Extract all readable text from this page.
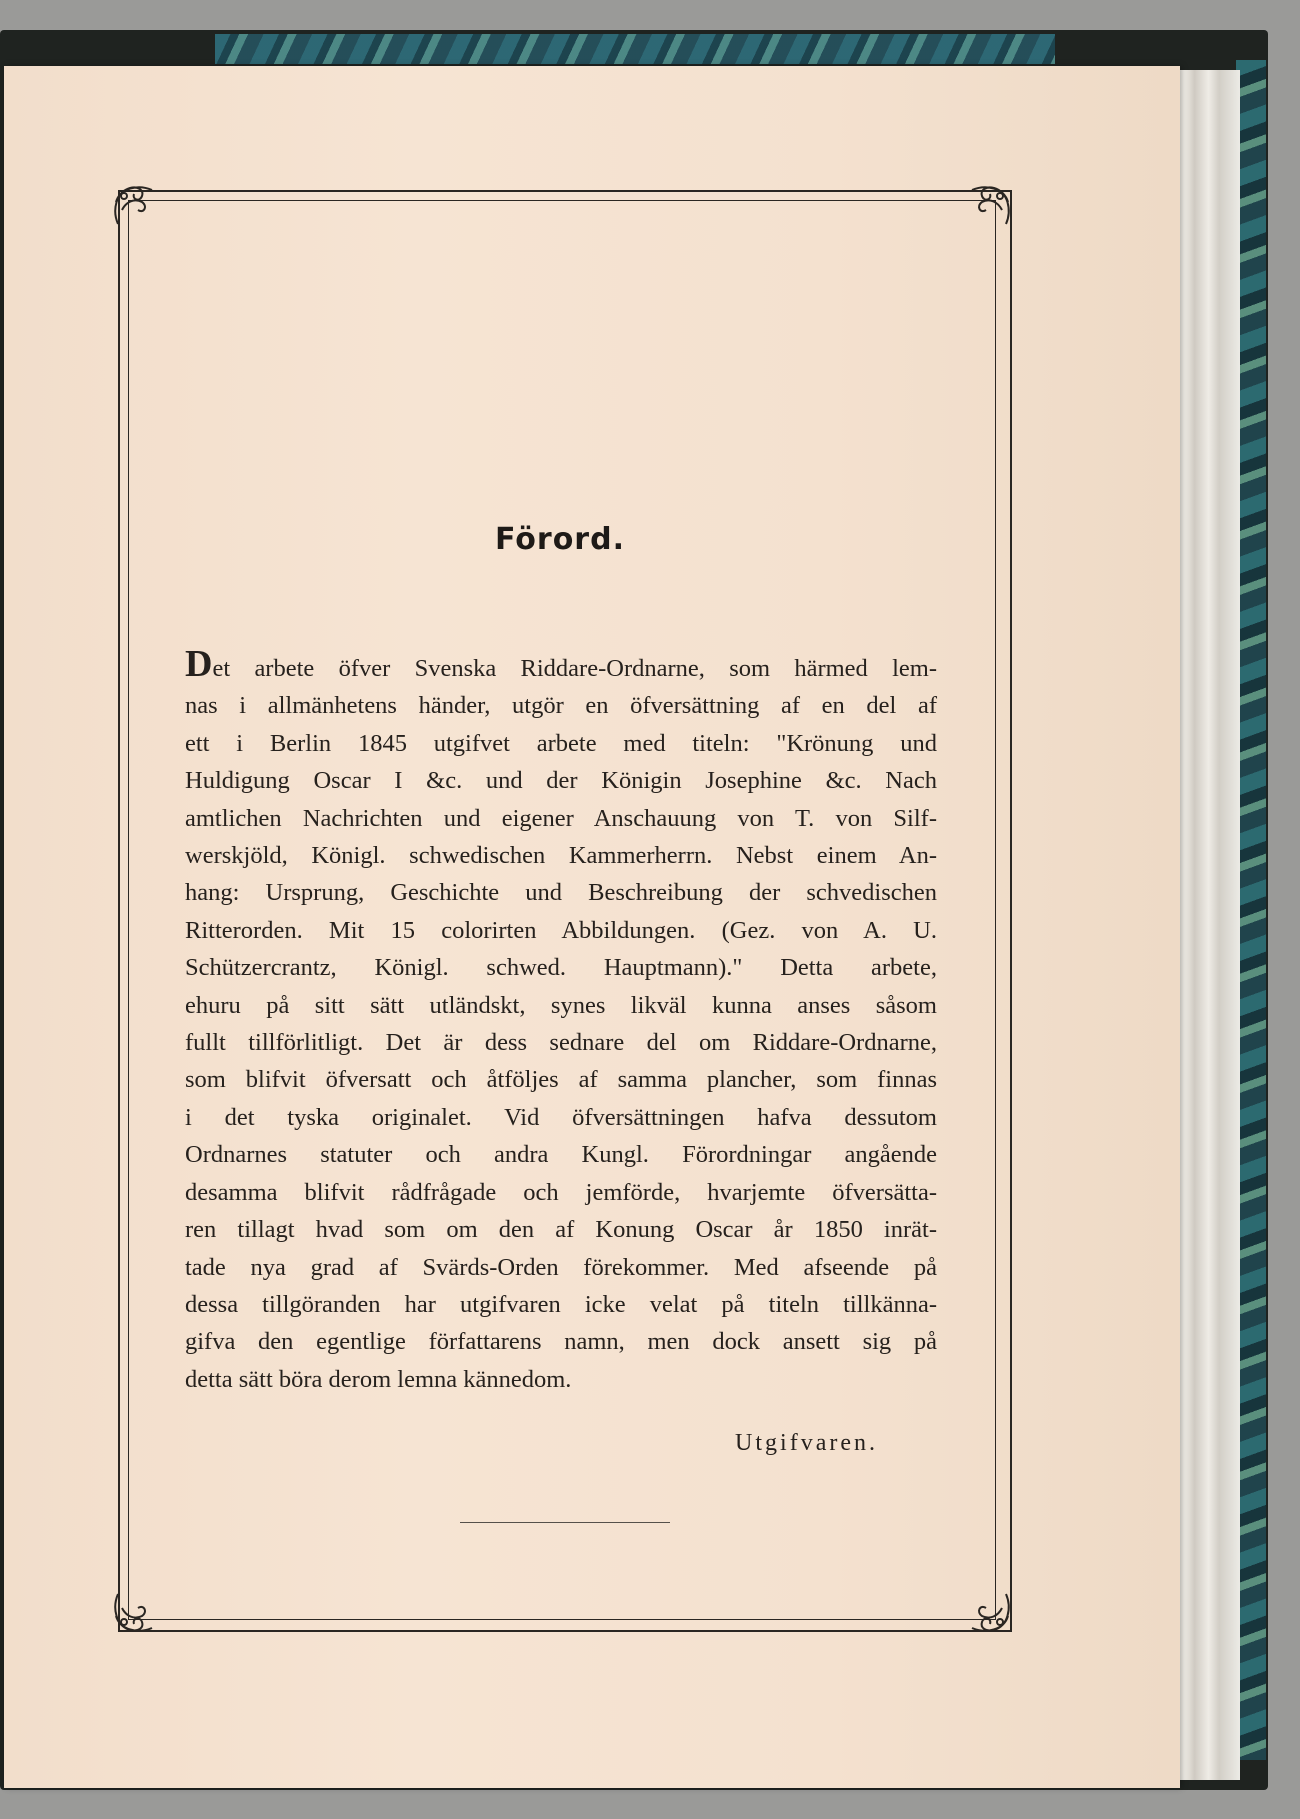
Förord.
Det arbete öfver Svenska Riddare-Ordnarne, som härmed lem-
nas i allmänhetens händer, utgör en öfversättning af en del af
ett i Berlin 1845 utgifvet arbete med titeln: "Krönung und
Huldigung Oscar I &c. und der Königin Josephine &c. Nach
amtlichen Nachrichten und eigener Anschauung von T. von Silf-
werskjöld, Königl. schwedischen Kammerherrn. Nebst einem An-
hang: Ursprung, Geschichte und Beschreibung der schvedischen
Ritterorden. Mit 15 colorirten Abbildungen. (Gez. von A. U.
Schützercrantz, Königl. schwed. Hauptmann)." Detta arbete,
ehuru på sitt sätt utländskt, synes likväl kunna anses såsom
fullt tillförlitligt. Det är dess sednare del om Riddare-Ordnarne,
som blifvit öfversatt och åtföljes af samma plancher, som finnas
i det tyska originalet. Vid öfversättningen hafva dessutom
Ordnarnes statuter och andra Kungl. Förordningar angående
desamma blifvit rådfrågade och jemförde, hvarjemte öfversätta-
ren tillagt hvad som om den af Konung Oscar år 1850 inrät-
tade nya grad af Svärds-Orden förekommer. Med afseende på
dessa tillgöranden har utgifvaren icke velat på titeln tillkänna-
gifva den egentlige författarens namn, men dock ansett sig på
detta sätt böra derom lemna kännedom.
Utgifvaren.
